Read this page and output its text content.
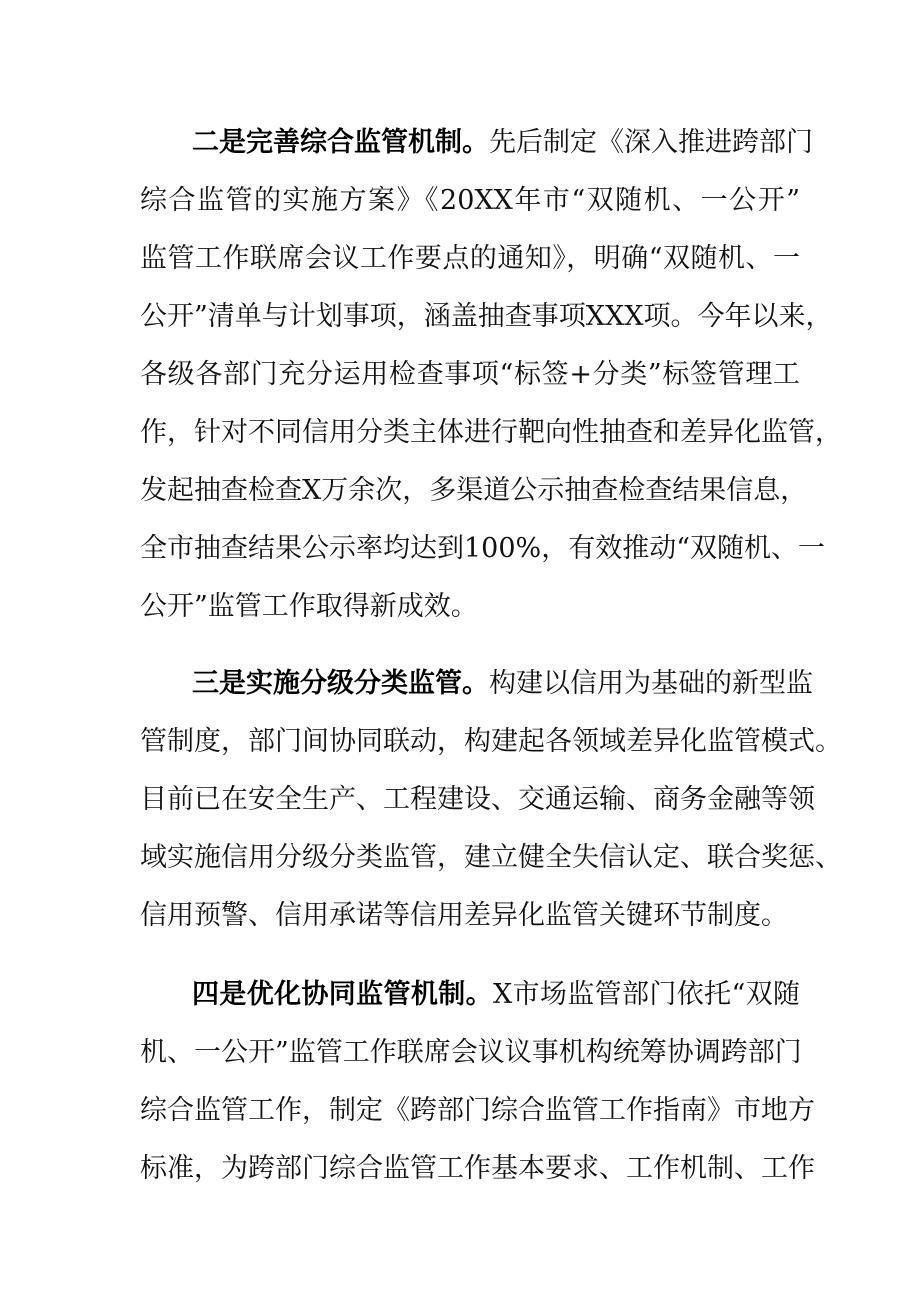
二是完善综合监管机制。先后制定《深入推进跨部门

综合监管的实施方案》《20XX年市“双随机、一公开”

监管工作联席会议工作要点的通知》，明确“双随机、一

公开”清单与计划事项，涵盖抽查事项XXX项。今年以来，

各级各部门充分运用检查事项“标签+分类”标签管理工

作，针对不同信用分类主体进行靶向性抽查和差异化监管，

发起抽查检查X万余次，多渠道公示抽查检查结果信息，

全市抽查结果公示率均达到100%，有效推动“双随机、一

公开”监管工作取得新成效。

三是实施分级分类监管。构建以信用为基础的新型监

管制度，部门间协同联动，构建起各领域差异化监管模式。

目前已在安全生产、工程建设、交通运输、商务金融等领

域实施信用分级分类监管，建立健全失信认定、联合奖惩、

信用预警、信用承诺等信用差异化监管关键环节制度。

四是优化协同监管机制。X市场监管部门依托“双随

机、一公开”监管工作联席会议议事机构统筹协调跨部门

综合监管工作，制定《跨部门综合监管工作指南》市地方

标准，为跨部门综合监管工作基本要求、工作机制、工作
